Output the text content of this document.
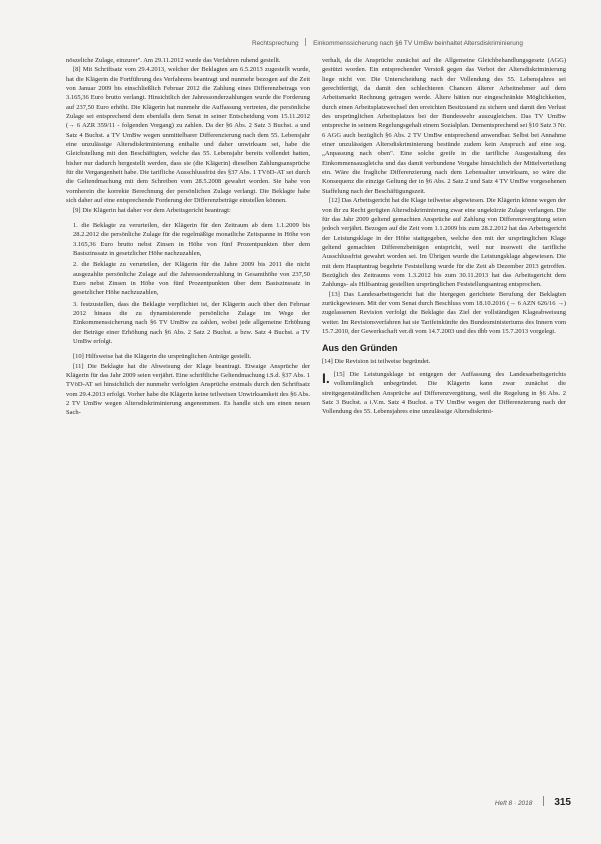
Rechtsprechung Einkommenssicherung nach §6 TV UmBw beinhaltet Altersdiskriminierung

nöszeliche Zulage, einzurer". Am 29.11.2012 wurde das Verfahren ruhend gestellt.

[8] Mit Schriftsatz vom 29.4.2013, welcher der Beklagten am 6.5.2013 zugestellt wurde, hat die Klägerin die Fortführung des Verfahrens beantragt und nunmehr bezogen auf die Zeit von Januar 2009 bis einschließlich Februar 2012 die Zahlung eines Differenzbetrags von 3.165,36 Euro brutto verlangt. Hinsichtlich der Jahressonderzahlungen wurde die Forderung auf 237,50 Euro erhöht. Die Klägerin hat nunmehr die Auffassung vertreten, die persönliche Zulage sei entsprechend dem ebenfalls dem Senat in seiner Entscheidung vom 15.11.2012 (→ 6 AZR 359/11 - folgenden Vorgang) zu zahlen. Da der §6 Abs. 2 Satz 3 Buchst. a und Satz 4 Buchst. a TV UmBw wegen unmittelbarer Differenzierung nach dem 55. Lebensjahr eine unzulässige Altersdiskriminierung enthalte und daher unwirksam sei, habe die Gleichstellung mit den Beschäftigten, welche das 55. Lebensjahr bereits vollendet hatten, bisher nur dadurch hergestellt werden, dass sie (die Klägerin) dieselben Zahlungsansprüche für die Vergangenheit habe. Die tarifliche Ausschlussfrist des §37 Abs. 1 TVöD-AT sei durch die Geltendmachung mit dem Schreiben vom 28.5.2008 gewahrt worden. Sie habe von vornherein die korrekte Berechnung der persönlichen Zulage verlangt. Die Beklagte habe sich daher auf eine entsprechende Forderung der Differenzbeträge einstellen können.

[9] Die Klägerin hat daher vor dem Arbeitsgericht beantragt:

1. die Beklagte zu verurteilen, der Klägerin für den Zeitraum ab dem 1.1.2009 bis 28.2.2012 die persönliche Zulage für die regelmäßige monatliche Zeitspanne in Höhe von 3.165,36 Euro brutto nebst Zinsen in Höhe von fünf Prozentpunkten über dem Basiszinssatz in gesetzlicher Höhe nachzuzahlen,

2. die Beklagte zu verurteilen, der Klägerin für die Jahre 2009 bis 2011 die nicht ausgezahlte persönliche Zulage auf die Jahressonderzahlung in Gesamthöhe von 237,50 Euro nebst Zinsen in Höhe von fünf Prozentpunkten über dem Basiszinssatz in gesetzlicher Höhe nachzuzahlen,

3. festzustellen, dass die Beklagte verpflichtet ist, der Klägerin auch über den Februar 2012 hinaus die zu dynamisierende persönliche Zulage im Wege der Einkommenssicherung nach §6 TV UmBw zu zahlen, wobei jede allgemeine Erhöhung der Beträge einer Erhöhung nach §6 Abs. 2 Satz 2 Buchst. a bzw. Satz 4 Buchst. a TV UmBw erfolgt.

[10] Hilfsweise hat die Klägerin die ursprünglichen Anträge gestellt.

[11] Die Beklagte hat die Abweisung der Klage beantragt. Etwaige Ansprüche der Klägerin für das Jahr 2009 seien verjährt. Eine schriftliche Geltendmachung i.S.d. §37 Abs. 1 TVöD-AT sei hinsichtlich der nunmehr verfolgten Ansprüche erstmals durch den Schriftsatz vom 29.4.2013 erfolgt. Vorher habe die Klägerin keine teilweisen Unwirksamkeit des §6 Abs. 2 TV UmBw wegen Altersdiskriminierung angenommen. Es handle sich um einen neuen Sach-

verhalt, da die Ansprüche zunächst auf die Allgemeine Gleichbehandlungsgesetz (AGG) gestützt worden. Ein entsprechender Verstoß gegen das Verbot der Altersdiskriminierung liege nicht vor. Die Unterscheidung nach der Vollendung des 55. Lebensjahres sei gerechtfertigt, da damit den schlechteren Chancen älterer Arbeitnehmer auf dem Arbeitsmarkt Rechnung getragen werde. Ältere hätten nur eingeschränkte Möglichkeiten, durch einen Arbeitsplatzwechsel den erreichten Besitzstand zu sichern und damit den Verlust des ursprünglichen Arbeitsplatzes bei der Bundeswehr auszugleichen. Das TV UmBw entspreche in seinem Regelungsgehalt einem Sozialplan. Dementsprechend sei §10 Satz 3 Nr. 6 AGG auch bezüglich §6 Abs. 2 TV UmBw entsprechend anwendbar. Selbst bei Annahme einer unzulässigen Altersdiskriminierung bestünde zudem kein Anspruch auf eine sog. „Anpassung nach oben". Eine solche greife in die tarifliche Ausgestaltung des Einkommensausgleichs und das damit verbundene Vorgabe hinsichtlich der Mittelverteilung ein. Wäre die fragliche Differenzierung nach dem Lebensalter unwirksam, so wäre die Konsequenz die einzige Geltung der in §6 Abs. 2 Satz 2 und Satz 4 TV UmBw vorgesehenen Staffelung nach der Beschäftigungszeit.

[12] Das Arbeitsgericht hat die Klage teilweise abgewiesen. Die Klägerin könne wegen der von ihr zu Recht gerügten Altersdiskriminierung zwar eine ungekürzte Zulage verlangen. Die für das Jahr 2009 geltend gemachten Ansprüche auf Zahlung von Differenzvergütung seien jedoch verjährt. Bezogen auf die Zeit vom 1.1.2009 bis zum 28.2.2012 hat das Arbeitsgericht der Leistungsklage in der Höhe stattgegeben, welche den mit der ursprünglichen Klage geltend gemachten Differenzbeträgen entspricht, weil nur insoweit die tarifliche Ausschlussfrist gewahrt worden sei. Im Übrigen wurde die Leistungsklage abgewiesen. Die mit dem Hauptantrag begehrte Feststellung wurde für die Zeit ab Dezember 2013 getroffen. Bezüglich des Zeitraums vom 1.3.2012 bis zum 30.11.2013 hat das Arbeitsgericht dem Zahlungs- als Hilfsantrag gestellten ursprünglichen Feststellungsantrag entsprochen.

[13] Das Landesarbeitsgericht hat die hiergegen gerichtete Berufung der Beklagten zurückgewiesen. Mit der vom Senat durch Beschluss vom 18.10.2016 (→ 6 AZN 626/16 →) zugelassenen Revision verfolgt die Beklagte das Ziel der vollständigen Klageabweisung weiter. Im Revisionsverfahren hat sie Tarifeinkünfte des Bundesministeriums des Innern vom 15.7.2010, der Gewerkschaft ver.di vom 14.7.2003 und des dbb vom 15.7.2013 vorgelegt.

Aus den Gründen

[14] Die Revision ist teilweise begründet.

I. [15] Die Leistungsklage ist entgegen der Auffassung des Landesarbeitsgerichts vollumfänglich unbegründet. Die Klägerin kann zwar zunächst die streitgegenständlichen Ansprüche auf Differenzvergütung, weil die Regelung in §6 Abs. 2 Satz 3 Buchst. a i.V.m. Satz 4 Buchst. a TV UmBw wegen der Differenzierung nach der Vollendung des 55. Lebensjahres eine unzulässige Altersdiskrimi-

Heft 8 · 2018 315
